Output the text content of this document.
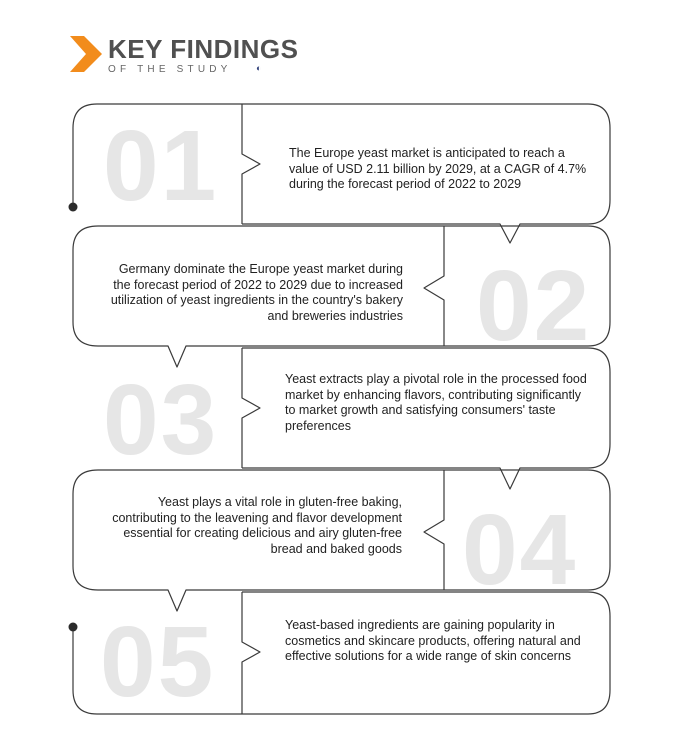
KEY FINDINGS
OF THE STUDY	◐
01	The Europe yeast market is anticipated to reach a value of USD 2.11 billion by 2029, at a CAGR of 4.7% during the forecast period of 2022 to 2029
02
Germany dominate the Europe yeast market during the forecast period of 2022 to 2029 due to increased utilization of yeast ingredients in the country's bakery and breweries industries
03	Yeast extracts play a pivotal role in the processed food market by enhancing flavors, contributing significantly to market growth and satisfying consumers' taste preferences
04
Yeast plays a vital role in gluten-free baking, contributing to the leavening and flavor development essential for creating delicious and airy gluten-free bread and baked goods
05	Yeast-based ingredients are gaining popularity in cosmetics and skincare products, offering natural and effective solutions for a wide range of skin concerns
